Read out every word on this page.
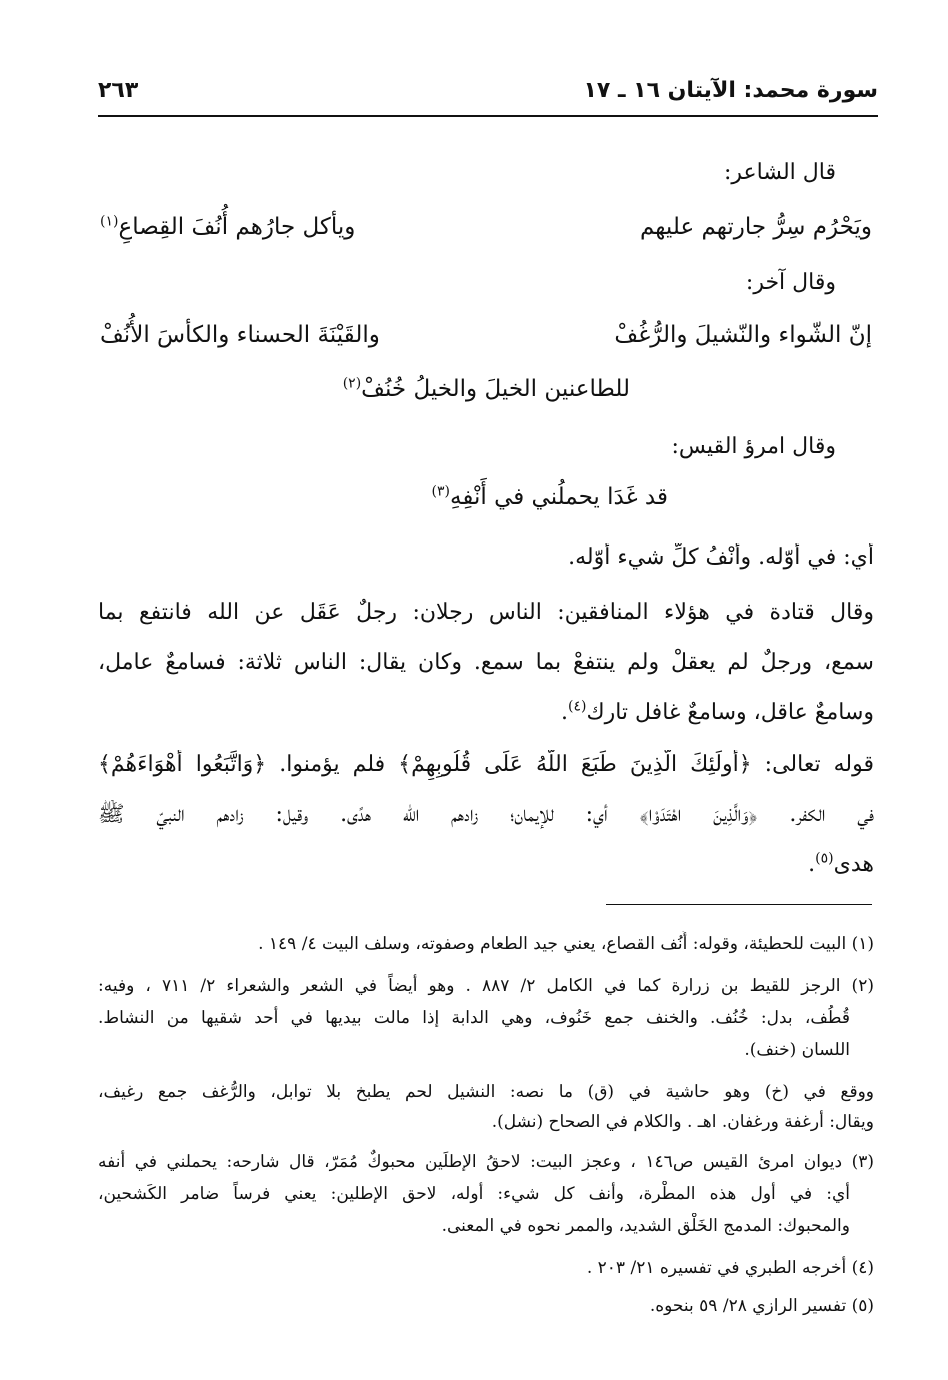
سورة محمد: الآيتان ١٦ ـ ١٧
٢٦٣
قال الشاعر:
ويَحْرُم سِرُّ جارتهم عليهم
ويأكل جارُهم أُنُفَ القِصاعِ$^{(١)}$
وقال آخر:
إنّ الشّواء والنّشيلَ والرُّغُفْ
والقَيْنَةَ الحسناء والكأسَ الأُنُفْ
للطاعنين الخيلَ والخيلُ خُنُفْ$^{(٢)}$
وقال امرؤ القيس:
قد غَدَا يحملُني في أَنْفِهِ$^{(٣)}$
أي: في أوّله. وأنْفُ كلِّ شيء أوّله.
وقال قتادة في هؤلاء المنافقين: الناس رجلان: رجلٌ عَقَل عن الله فانتفع بما
سمع، ورجلٌ لم يعقلْ ولم ينتفعْ بما سمع. وكان يقال: الناس ثلاثة: فسامعٌ عامل،
وسامعٌ عاقل، وسامعٌ غافل تارك$^{(٤)}$.
قوله تعالى: ﴿أُولَئِكَ الَّذِينَ طَبَعَ اللَّهُ عَلَى قُلُوبِهِمْ﴾ فلم يؤمنوا. ﴿وَاتَّبَعُوا أَهْوَاءَهُمْ﴾
في الكفر. ﴿وَالَّذِينَ اهْتَدَوْا﴾ أي: للإيمان؛ زادهم الله هدًى. وقيل: زادهم النبيّ ﷺ
هدى$^{(٥)}$.
(١) البيت للحطيئة، وقوله: أُنُف القصاع، يعني جيد الطعام وصفوته، وسلف البيت ٤/ ١٤٩ .
(٢) الرجز للقيط بن زرارة كما في الكامل ٢/ ٨٨٧ . وهو أيضاً في الشعر والشعراء ٢/ ٧١١ ، وفيه:
قُطُف، بدل: خُنُف. والخنف جمع خَنُوف، وهي الدابة إذا مالت بيديها في أحد شقيها من النشاط.
اللسان (خنف).
ووقع في (خ) وهو حاشية في (ق) ما نصه: النشيل لحم يطبخ بلا توابل، والرُّغف جمع رغيف،
ويقال: أرغفة ورغفان. اهـ . والكلام في الصحاح (نشل).
(٣) ديوان امرئ القيس ص١٤٦ ، وعجز البيت: لاحقُ الإطلَين محبوكٌ مُمَرّ، قال شارحه: يحملني في أنفه
أي: في أول هذه المطْرة، وأنف كل شيء: أوله، لاحق الإطلين: يعني فرساً ضامر الكَشحين،
والمحبوك: المدمج الخَلْق الشديد، والممر نحوه في المعنى.
(٤) أخرجه الطبري في تفسيره ٢١/ ٢٠٣ .
(٥) تفسير الرازي ٢٨/ ٥٩ بنحوه.
